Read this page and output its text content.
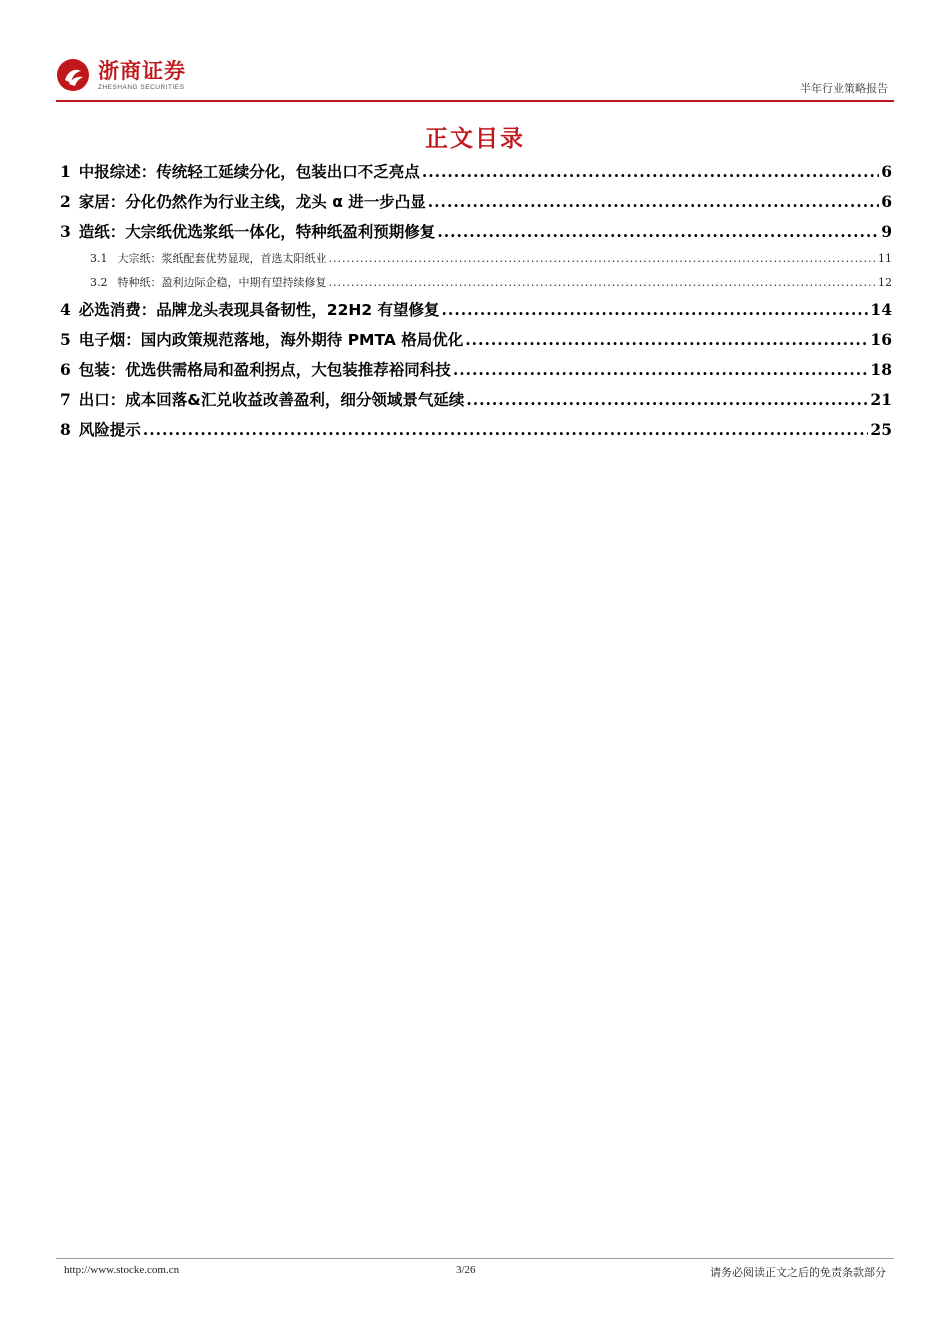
浙商证券
ZHESHANG SECURITIES	半年行业策略报告
正文目录
1 中报综述：传统轻工延续分化，包装出口不乏亮点 .....	6
2 家居：分化仍然作为行业主线，龙头 α 进一步凸显 .....	6
3 造纸：大宗纸优选浆纸一体化，特种纸盈利预期修复 .....	9
3.1 大宗纸：浆纸配套优势显现，首选太阳纸业 .....	11
3.2 特种纸：盈利边际企稳，中期有望持续修复 .....	12
4 必选消费：品牌龙头表现具备韧性，22H2 有望修复 .....	14
5 电子烟：国内政策规范落地，海外期待 PMTA 格局优化 .....	16
6 包装：优选供需格局和盈利拐点，大包装推荐裕同科技 .....	18
7 出口：成本回落&汇兑收益改善盈利，细分领域景气延续 .....	21
8 风险提示 .....	25
http://www.stocke.com.cn	3/26	请务必阅读正文之后的免责条款部分
